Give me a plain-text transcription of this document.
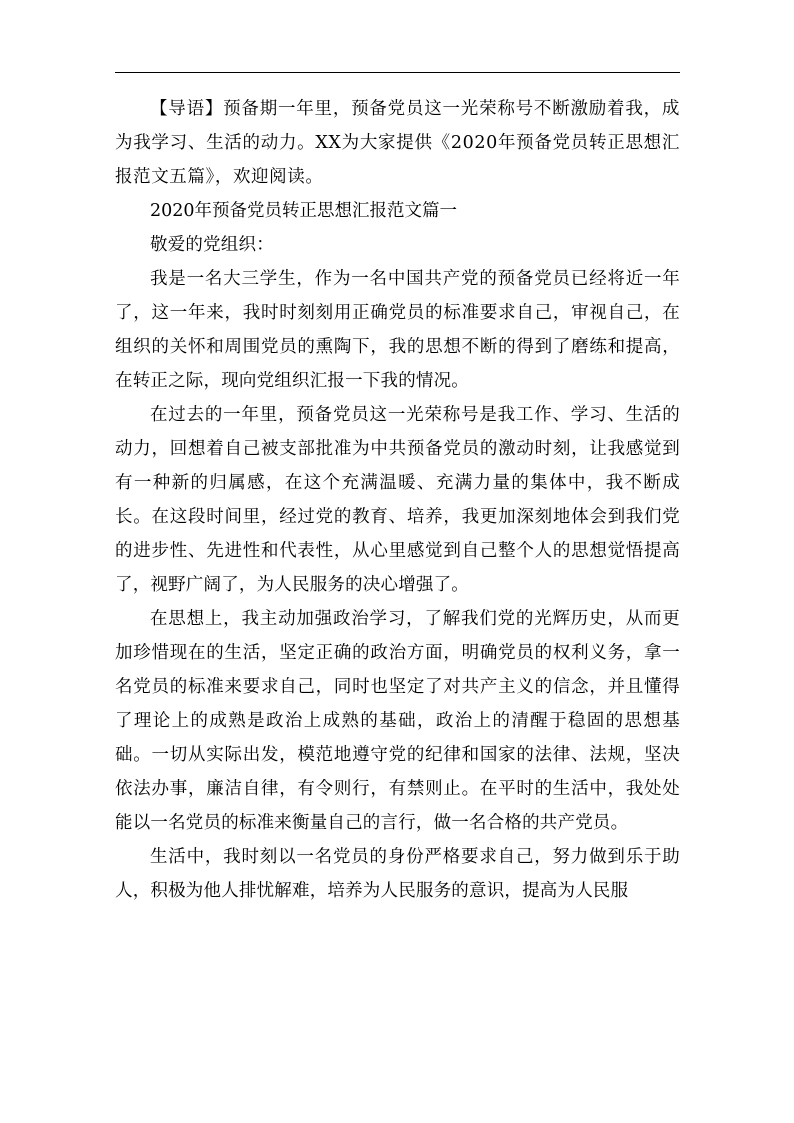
【导语】预备期一年里，预备党员这一光荣称号不断激励着我，成为我学习、生活的动力。XX为大家提供《2020年预备党员转正思想汇报范文五篇》，欢迎阅读。

2020年预备党员转正思想汇报范文篇一

敬爱的党组织：

我是一名大三学生，作为一名中国共产党的预备党员已经将近一年了，这一年来，我时时刻刻用正确党员的标准要求自己，审视自己，在组织的关怀和周围党员的熏陶下，我的思想不断的得到了磨练和提高，在转正之际，现向党组织汇报一下我的情况。

在过去的一年里，预备党员这一光荣称号是我工作、学习、生活的动力，回想着自己被支部批准为中共预备党员的激动时刻，让我感觉到有一种新的归属感，在这个充满温暖、充满力量的集体中，我不断成长。在这段时间里，经过党的教育、培养，我更加深刻地体会到我们党的进步性、先进性和代表性，从心里感觉到自己整个人的思想觉悟提高了，视野广阔了，为人民服务的决心增强了。

在思想上，我主动加强政治学习，了解我们党的光辉历史，从而更加珍惜现在的生活，坚定正确的政治方面，明确党员的权利义务，拿一名党员的标准来要求自己，同时也坚定了对共产主义的信念，并且懂得了理论上的成熟是政治上成熟的基础，政治上的清醒于稳固的思想基础。一切从实际出发，模范地遵守党的纪律和国家的法律、法规，坚决依法办事，廉洁自律，有令则行，有禁则止。在平时的生活中，我处处能以一名党员的标准来衡量自己的言行，做一名合格的共产党员。

生活中，我时刻以一名党员的身份严格要求自己，努力做到乐于助人，积极为他人排忧解难，培养为人民服务的意识，提高为人民服
